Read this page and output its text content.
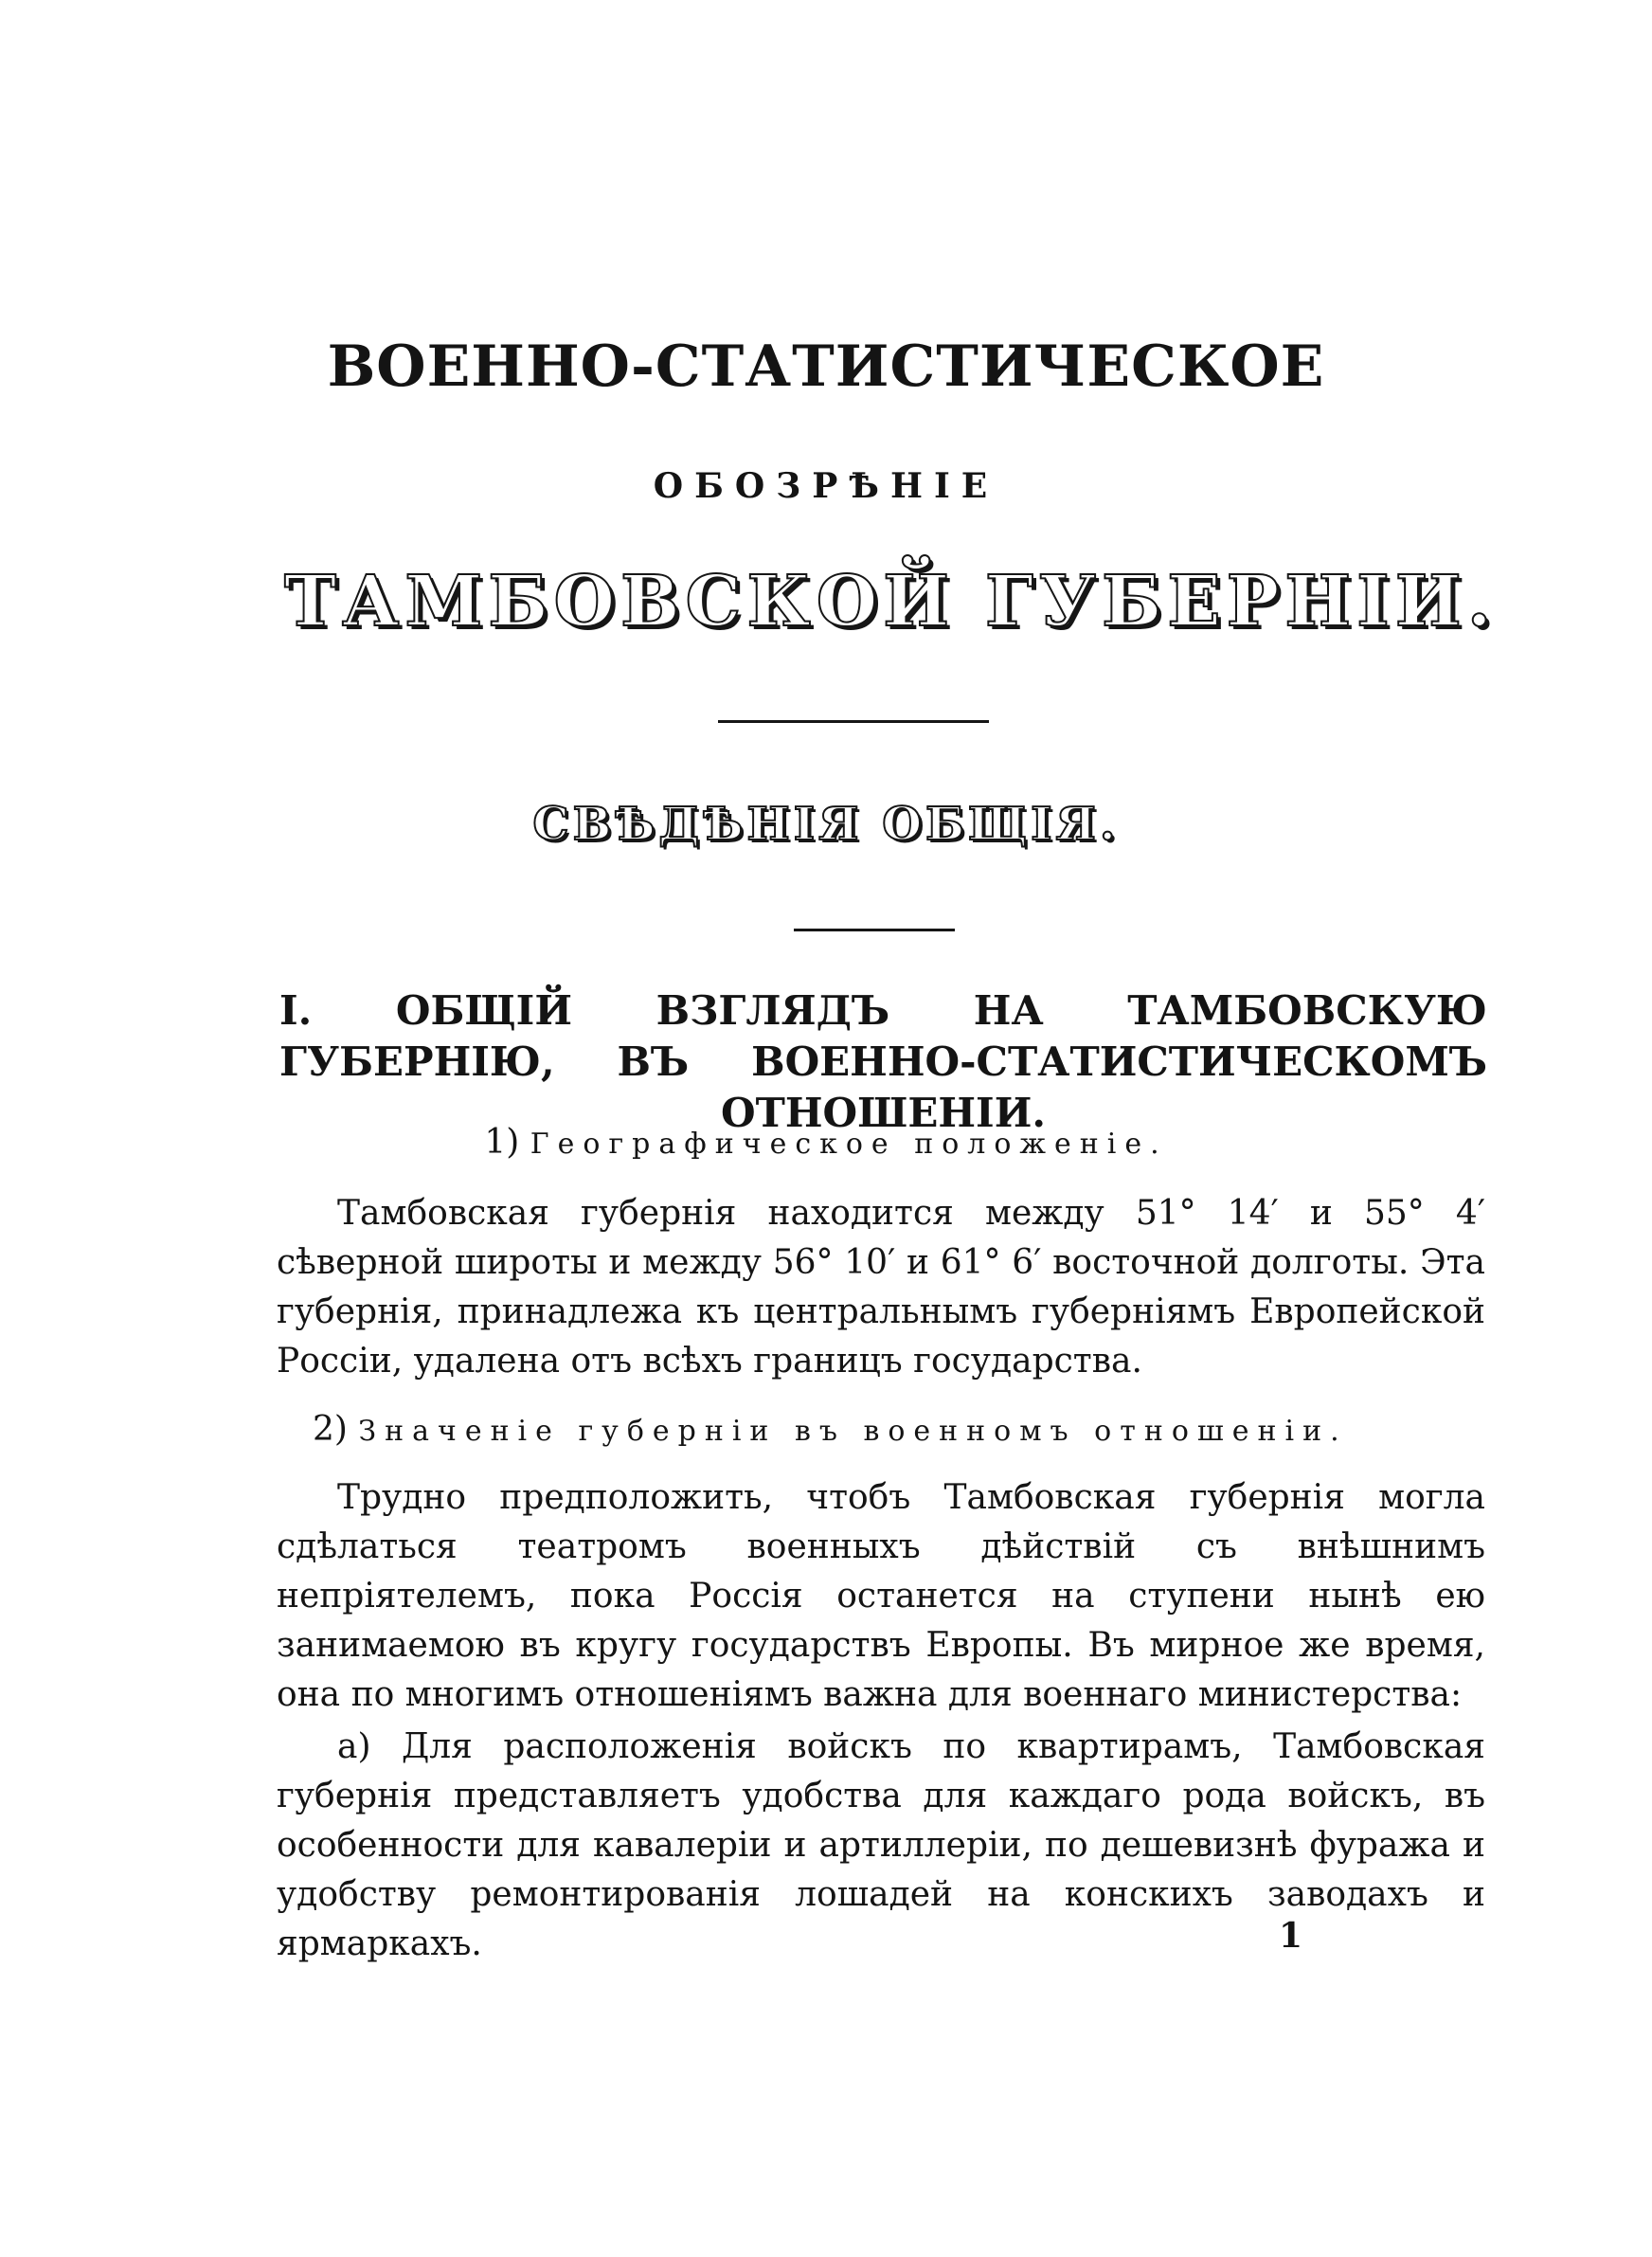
ВОЕННО-СТАТИСТИЧЕСКОЕ
ОБОЗРѢНІЕ
ТАМБОВСКОЙ ГУБЕРНІИ.
СВѢДѢНІЯ ОБЩІЯ.
I. ОБЩІЙ ВЗГЛЯДЪ НА ТАМБОВСКУЮ ГУБЕРНІЮ, ВЪ ВОЕННО-СТАТИСТИЧЕСКОМЪ ОТНОШЕНІИ.
1) Географическое положеніе.
Тамбовская губернія находится между 51° 14′ и 55° 4′ сѣверной широты и между 56° 10′ и 61° 6′ восточной долготы. Эта губернія, принадлежа къ центральнымъ губерніямъ Европейской Россіи, удалена отъ всѣхъ границъ государства.
2) Значеніе губерніи въ военномъ отношеніи.
Трудно предположить, чтобъ Тамбовская губернія могла сдѣлаться театромъ военныхъ дѣйствій съ внѣшнимъ непріятелемъ, пока Россія останется на ступени нынѣ ею занимаемою въ кругу государствъ Европы. Въ мирное же время, она по многимъ отношеніямъ важна для военнаго министерства:
а) Для расположенія войскъ по квартирамъ, Тамбовская губернія представляетъ удобства для каждаго рода войскъ, въ особенности для кавалеріи и артиллеріи, по дешевизнѣ фуража и удобству ремонтированія лошадей на конскихъ заводахъ и ярмаркахъ.	1
